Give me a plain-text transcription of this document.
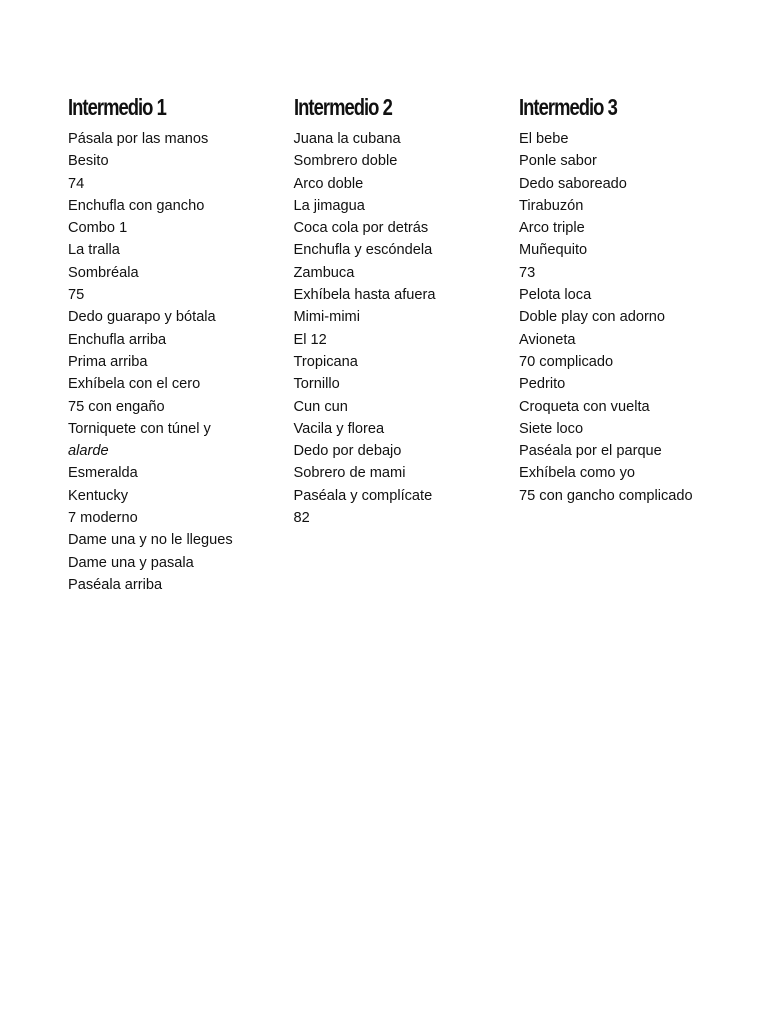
Intermedio 1
Pásala por las manos
Besito
74
Enchufla con gancho
Combo 1
La tralla
Sombréala
75
Dedo guarapo y bótala
Enchufla arriba
Prima arriba
Exhíbela con el cero
75 con engaño
Torniquete con túnel y
alarde
Esmeralda
Kentucky
7 moderno
Dame una y no le llegues
Dame una y pasala
Paséala arriba
Intermedio 2
Juana la cubana
Sombrero doble
Arco doble
La jimagua
Coca cola por detrás
Enchufla y escóndela
Zambuca
Exhíbela hasta afuera
Mimi-mimi
El 12
Tropicana
Tornillo
Cun cun
Vacila y florea
Dedo por debajo
Sobrero de mami
Paséala y complícate
82
Intermedio 3
El bebe
Ponle sabor
Dedo saboreado
Tirabuzón
Arco triple
Muñequito
73
Pelota loca
Doble play con adorno
Avioneta
70 complicado
Pedrito
Croqueta con vuelta
Siete loco
Paséala por el parque
Exhíbela como yo
75 con gancho complicado
